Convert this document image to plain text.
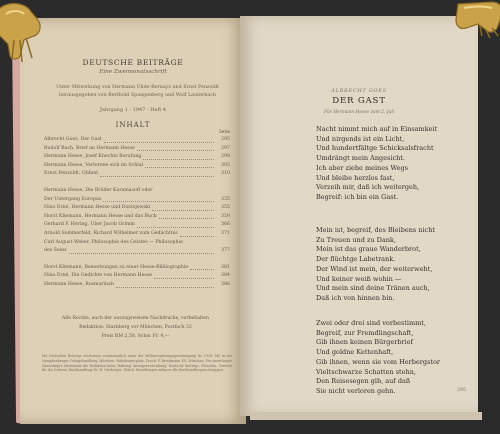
DEUTSCHE BEITRÄGE
Eine Zweimonatsschrift
Unter Mitwirkung von Hermann Uhde-Bernays und Ernst Penzoldt
herausgegeben von Berthold Spangenberg und Wolf Lauterbach
Jahrgang 1 · 1947 · Heft 4
INHALT
Seite
Albrecht Goes, Der Gast	295
Rudolf Bach, Brief an Hermann Hesse	297
Hermann Hesse, Josef Knechts Berufung	299
Hermann Hesse, Verlorene sich im Schlaf	305
Ernst Penzoldt, Olifant	310
Hermann Hesse, Die Brüder Karamasoff oder
Der Untergang Europas	335
Nino Erné, Hermann Hesse und Dostojewski	355
Horst Kliemann, Hermann Hesse und das Buch	359
Gerhard F. Hering, Über Jacob Grimm	366
Arnold Sommerfeld, Richard Wilhelmer zum Gedächtnis	371
Carl August Weber, Philosophie des Geistes — Philosophie
des Seins	377
Horst Kliemann, Bemerkungen zu einer Hesse-Bibliographie	381
Nino Erné, Die Gedichte von Hermann Hesse	384
Hermann Hesse, Rosmarinah	386
Alle Rechte, auch der auszugsweisen Nachdrucks, vorbehalten
Redaktion: Starnberg vor München, Postfach 32
Preis RM 2,50, Schw. Fr. 4,—
Die Deutschen Beiträge erscheinen zweimonatlich unter der Militärregierungsgenehmigung Nr. US-E 149 in der Nymphenburger Verlagshandlung, München, Habsburgerplatz. Druck: F. Bruckmann KG, München. Für unverlangte Manuskripte übernimmt die Redaktion keine Haftung. Anzeigenverwaltung: Deutsche Beiträge, München. Vertrieb für die Schweiz: Buchhandlung Dr. H. Girsberger, Zürich. Bestellungen nehmen alle Buchhandlungen entgegen.
ALBRECHT GOES
DER GAST
Für Hermann Hesse zum 2. Juli
Nacht nimmt mich auf in Einsamkeit
Und nirgends ist ein Licht,
Und hundertfältge Schicksalsfracht
Umdrängt mein Angesicht.
Ich aber ziehe meines Wegs
Und bleibe herzlos fast,
Verzeih mir, daß ich weitergeh,
Begreif: ich bin ein Gast.
Mein ist, begreif, des Bleibens nicht
Zu Treuen und zu Dank,
Mein ist das graue Wanderbrot,
Der flüchtge Labetrank.
Der Wind ist mein, der weiterweht,
Und keiner weiß wohin —
Und mein sind deine Tränen auch,
Daß ich von hinnen bin.
Zwei oder drei sind vorbestimmt,
Begreif, zur Fremdlingschaft,
Gib ihnen keinen Bürgerbrief
Und goldne Kettenhaft,
Gib ihnen, wenn sie vom Herbergstor
Vieltschwarze Schatten stehn,
Den Reisesegen gib, auf daß
Sie nicht verloren gehn.	295
